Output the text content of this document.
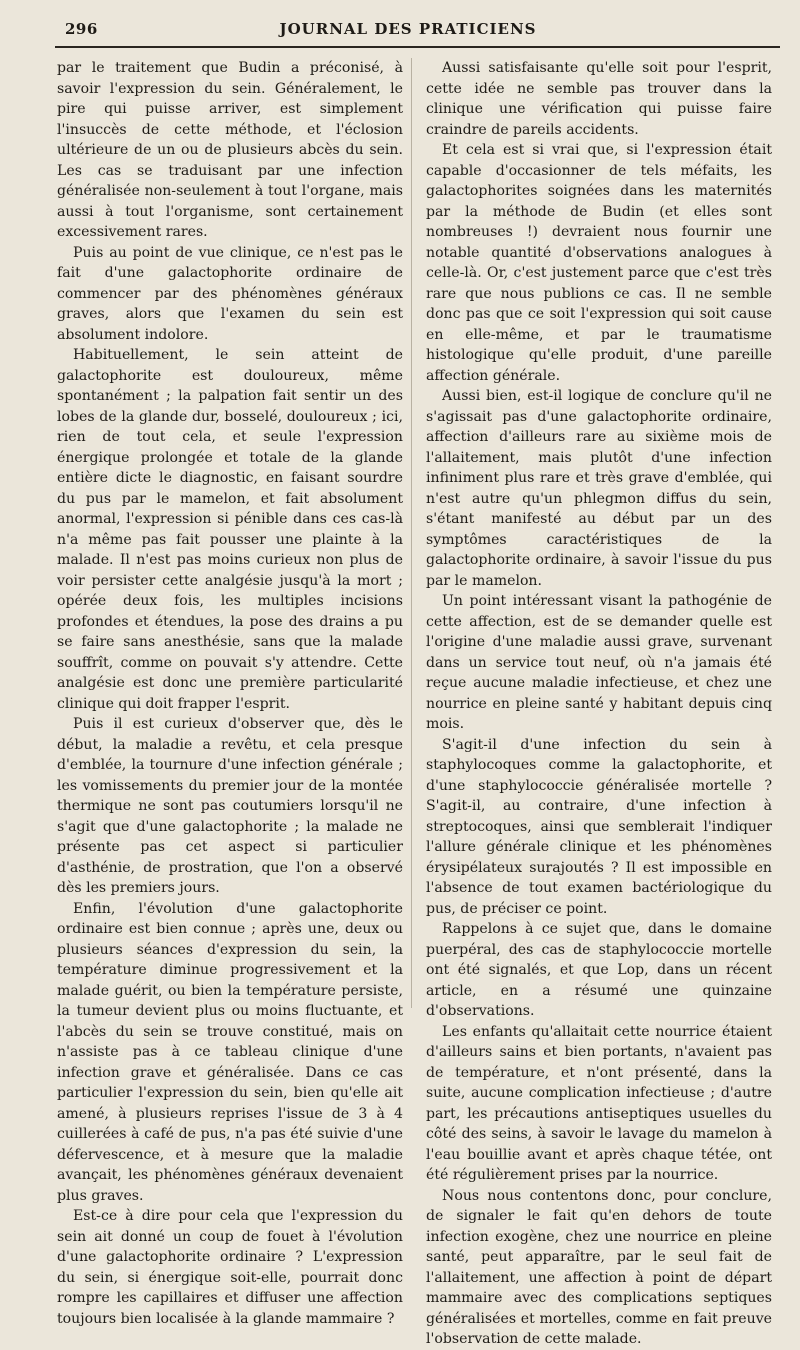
296	JOURNAL DES PRATICIENS

par le traitement que Budin a préconisé, à savoir l'expression du sein. Généralement, le pire qui puisse arriver, est simplement l'insuccès de cette méthode, et l'éclosion ultérieure de un ou de plusieurs abcès du sein. Les cas se traduisant par une infection généralisée non-seulement à tout l'organe, mais aussi à tout l'organisme, sont certainement excessivement rares.

Puis au point de vue clinique, ce n'est pas le fait d'une galactophorite ordinaire de commencer par des phénomènes généraux graves, alors que l'examen du sein est absolument indolore.

Habituellement, le sein atteint de galactophorite est douloureux, même spontanément ; la palpation fait sentir un des lobes de la glande dur, bosselé, douloureux ; ici, rien de tout cela, et seule l'expression énergique prolongée et totale de la glande entière dicte le diagnostic, en faisant sourdre du pus par le mamelon, et fait absolument anormal, l'expression si pénible dans ces cas-là n'a même pas fait pousser une plainte à la malade. Il n'est pas moins curieux non plus de voir persister cette analgésie jusqu'à la mort ; opérée deux fois, les multiples incisions profondes et étendues, la pose des drains a pu se faire sans anesthésie, sans que la malade souffrît, comme on pouvait s'y attendre. Cette analgésie est donc une première particularité clinique qui doit frapper l'esprit.

Puis il est curieux d'observer que, dès le début, la maladie a revêtu, et cela presque d'emblée, la tournure d'une infection générale ; les vomissements du premier jour de la montée thermique ne sont pas coutumiers lorsqu'il ne s'agit que d'une galactophorite ; la malade ne présente pas cet aspect si particulier d'asthénie, de prostration, que l'on a observé dès les premiers jours.

Enfin, l'évolution d'une galactophorite ordinaire est bien connue ; après une, deux ou plusieurs séances d'expression du sein, la température diminue progressivement et la malade guérit, ou bien la température persiste, la tumeur devient plus ou moins fluctuante, et l'abcès du sein se trouve constitué, mais on n'assiste pas à ce tableau clinique d'une infection grave et généralisée. Dans ce cas particulier l'expression du sein, bien qu'elle ait amené, à plusieurs reprises l'issue de 3 à 4 cuillerées à café de pus, n'a pas été suivie d'une défervescence, et à mesure que la maladie avançait, les phénomènes généraux devenaient plus graves.

Est-ce à dire pour cela que l'expression du sein ait donné un coup de fouet à l'évolution d'une galactophorite ordinaire ? L'expression du sein, si énergique soit-elle, pourrait donc rompre les capillaires et diffuser une affection toujours bien localisée à la glande mammaire ?

Aussi satisfaisante qu'elle soit pour l'esprit, cette idée ne semble pas trouver dans la clinique une vérification qui puisse faire craindre de pareils accidents.

Et cela est si vrai que, si l'expression était capable d'occasionner de tels méfaits, les galactophorites soignées dans les maternités par la méthode de Budin (et elles sont nombreuses !) devraient nous fournir une notable quantité d'observations analogues à celle-là. Or, c'est justement parce que c'est très rare que nous publions ce cas. Il ne semble donc pas que ce soit l'expression qui soit cause en elle-même, et par le traumatisme histologique qu'elle produit, d'une pareille affection générale.

Aussi bien, est-il logique de conclure qu'il ne s'agissait pas d'une galactophorite ordinaire, affection d'ailleurs rare au sixième mois de l'allaitement, mais plutôt d'une infection infiniment plus rare et très grave d'emblée, qui n'est autre qu'un phlegmon diffus du sein, s'étant manifesté au début par un des symptômes caractéristiques de la galactophorite ordinaire, à savoir l'issue du pus par le mamelon.

Un point intéressant visant la pathogénie de cette affection, est de se demander quelle est l'origine d'une maladie aussi grave, survenant dans un service tout neuf, où n'a jamais été reçue aucune maladie infectieuse, et chez une nourrice en pleine santé y habitant depuis cinq mois.

S'agit-il d'une infection du sein à staphylocoques comme la galactophorite, et d'une staphylococcie généralisée mortelle ? S'agit-il, au contraire, d'une infection à streptocoques, ainsi que semblerait l'indiquer l'allure générale clinique et les phénomènes érysipélateux surajoutés ? Il est impossible en l'absence de tout examen bactériologique du pus, de préciser ce point.

Rappelons à ce sujet que, dans le domaine puerpéral, des cas de staphylococcie mortelle ont été signalés, et que Lop, dans un récent article, en a résumé une quinzaine d'observations.

Les enfants qu'allaitait cette nourrice étaient d'ailleurs sains et bien portants, n'avaient pas de température, et n'ont présenté, dans la suite, aucune complication infectieuse ; d'autre part, les précautions antiseptiques usuelles du côté des seins, à savoir le lavage du mamelon à l'eau bouillie avant et après chaque tétée, ont été régulièrement prises par la nourrice.

Nous nous contentons donc, pour conclure, de signaler le fait qu'en dehors de toute infection exogène, chez une nourrice en pleine santé, peut apparaître, par le seul fait de l'allaitement, une affection à point de départ mammaire avec des complications septiques généralisées et mortelles, comme en fait preuve l'observation de cette malade.
